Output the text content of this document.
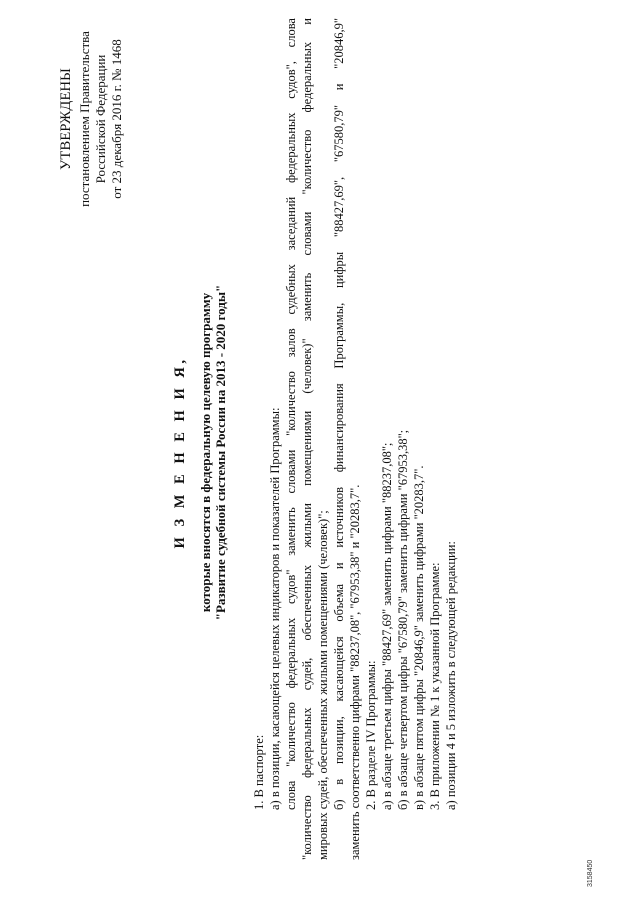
УТВЕРЖДЕНЫ постановлением Правительства Российской Федерации от 23 декабря 2016 г. № 1468
И З М Е Н Е Н И Я, которые вносятся в федеральную целевую программу "Развитие судебной системы России на 2013 - 2020 годы"
1. В паспорте: а) в позиции, касающейся целевых индикаторов и показателей Программы: слова "количество федеральных судов" заменить словами "количество залов судебных заседаний федеральных судов", слова "количество федеральных судей, обеспеченных жилыми помещениями (человек)" заменить словами "количество федеральных и мировых судей, обеспеченных жилыми помещениями (человек)"; б) в позиции, касающейся объема и источников финансирования Программы, цифры "88427,69", "67580,79" и "20846,9" заменить соответственно цифрами "88237,08", "67953,38" и "20283,7". 2. В разделе IV Программы: а) в абзаце третьем цифры "88427,69" заменить цифрами "88237,08"; б) в абзаце четвертом цифры "67580,79" заменить цифрами "67953,38"; в) в абзаце пятом цифры "20846,9" заменить цифрами "20283,7". 3. В приложении № 1 к указанной Программе: а) позиции 4 и 5 изложить в следующей редакции:
3158450
